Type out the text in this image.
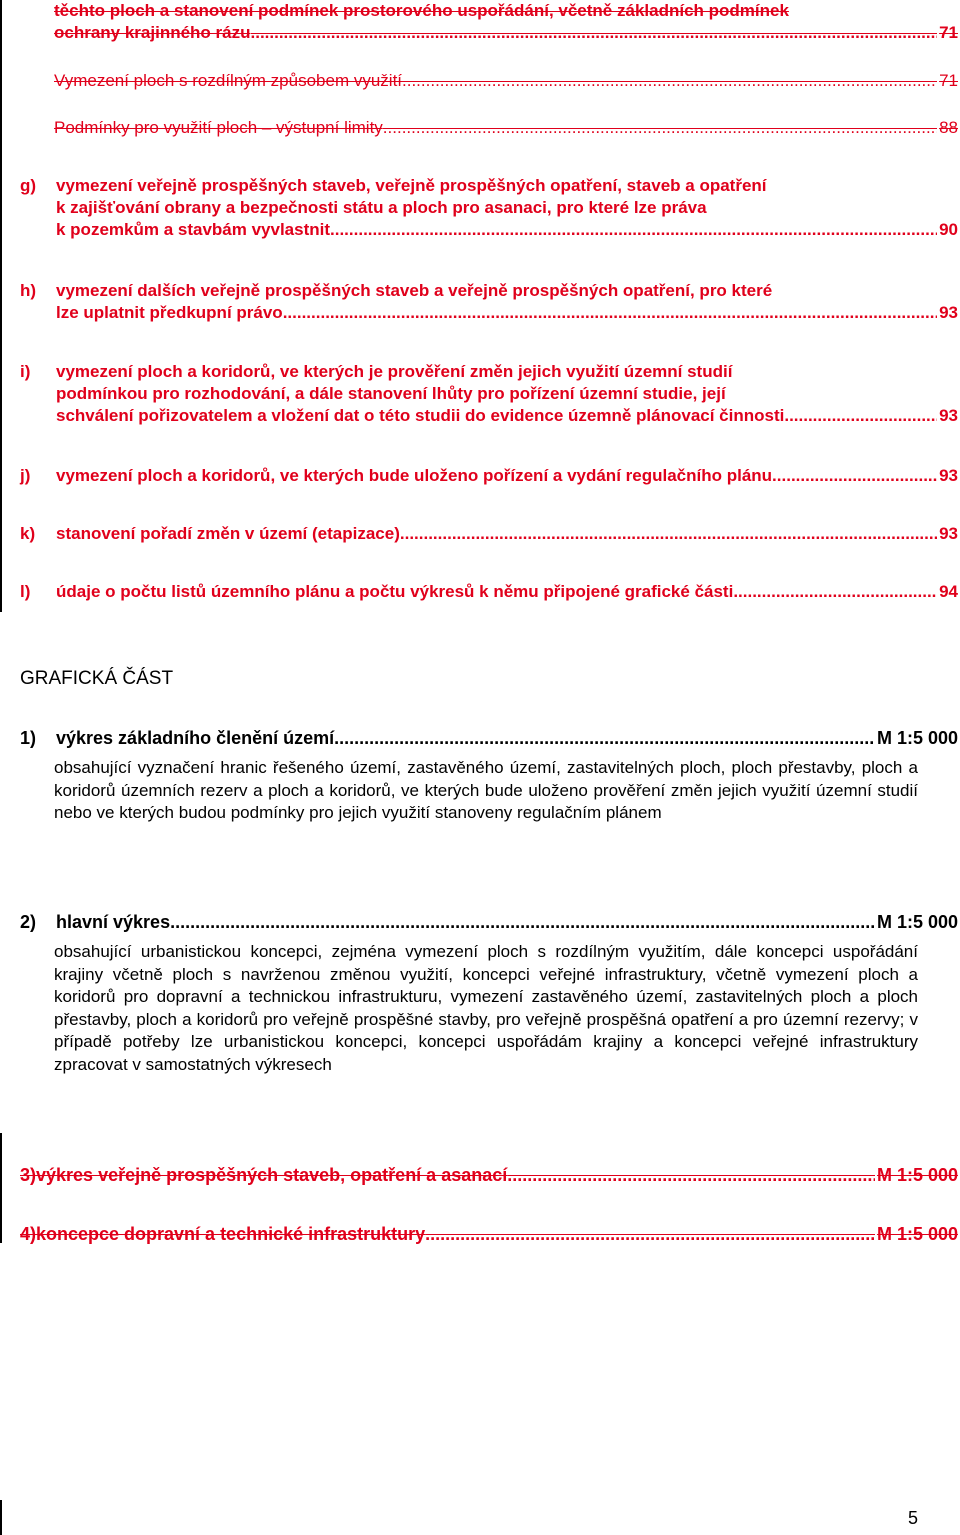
těchto ploch a stanovení podmínek prostorového uspořádání, včetně základních podmínek
ochrany krajinného rázu .....	71
Vymezení ploch s rozdílným způsobem využití .....	71
Podmínky pro využití ploch – výstupní limity .....	88
g) vymezení veřejně prospěšných staveb, veřejně prospěšných opatření, staveb a opatření
k zajišťování obrany a bezpečnosti státu a ploch pro asanaci, pro které lze práva
k pozemkům a stavbám vyvlastnit .....	90
h) vymezení dalších veřejně prospěšných staveb a veřejně prospěšných opatření, pro které
lze uplatnit předkupní právo .....	93
i) vymezení ploch a koridorů, ve kterých je prověření změn jejich využití územní studií
podmínkou pro rozhodování, a dále stanovení lhůty pro pořízení územní studie, její
schválení pořizovatelem a vložení dat o této studii do evidence územně plánovací činnosti .....	93
j) vymezení ploch a koridorů, ve kterých bude uloženo pořízení a vydání regulačního plánu .....	93
k) stanovení pořadí změn v území (etapizace) .....	93
l) údaje o počtu listů územního plánu a počtu výkresů k němu připojené grafické části .....	94
GRAFICKÁ ČÁST
1) výkres základního členění území .....	M 1:5 000
obsahující vyznačení hranic řešeného území, zastavěného území, zastavitelných ploch, ploch přestavby, ploch a koridorů územních rezerv a ploch a koridorů, ve kterých bude uloženo prověření změn jejich využití územní studií nebo ve kterých budou podmínky pro jejich využití stanoveny regulačním plánem
2) hlavní výkres .....	M 1:5 000
obsahující urbanistickou koncepci, zejména vymezení ploch s rozdílným využitím, dále koncepci uspořádání krajiny včetně ploch s navrženou změnou využití, koncepci veřejné infrastruktury, včetně vymezení ploch a koridorů pro dopravní a technickou infrastrukturu, vymezení zastavěného území, zastavitelných ploch a ploch přestavby, ploch a koridorů pro veřejně prospěšné stavby, pro veřejně prospěšná opatření a pro územní rezervy; v případě potřeby lze urbanistickou koncepci, koncepci uspořádám krajiny a koncepci veřejné infrastruktury zpracovat v samostatných výkresech
3)výkres veřejně prospěšných staveb, opatření a asanací .....	M 1:5 000
4)koncepce dopravní a technické infrastruktury .....	M 1:5 000
5
